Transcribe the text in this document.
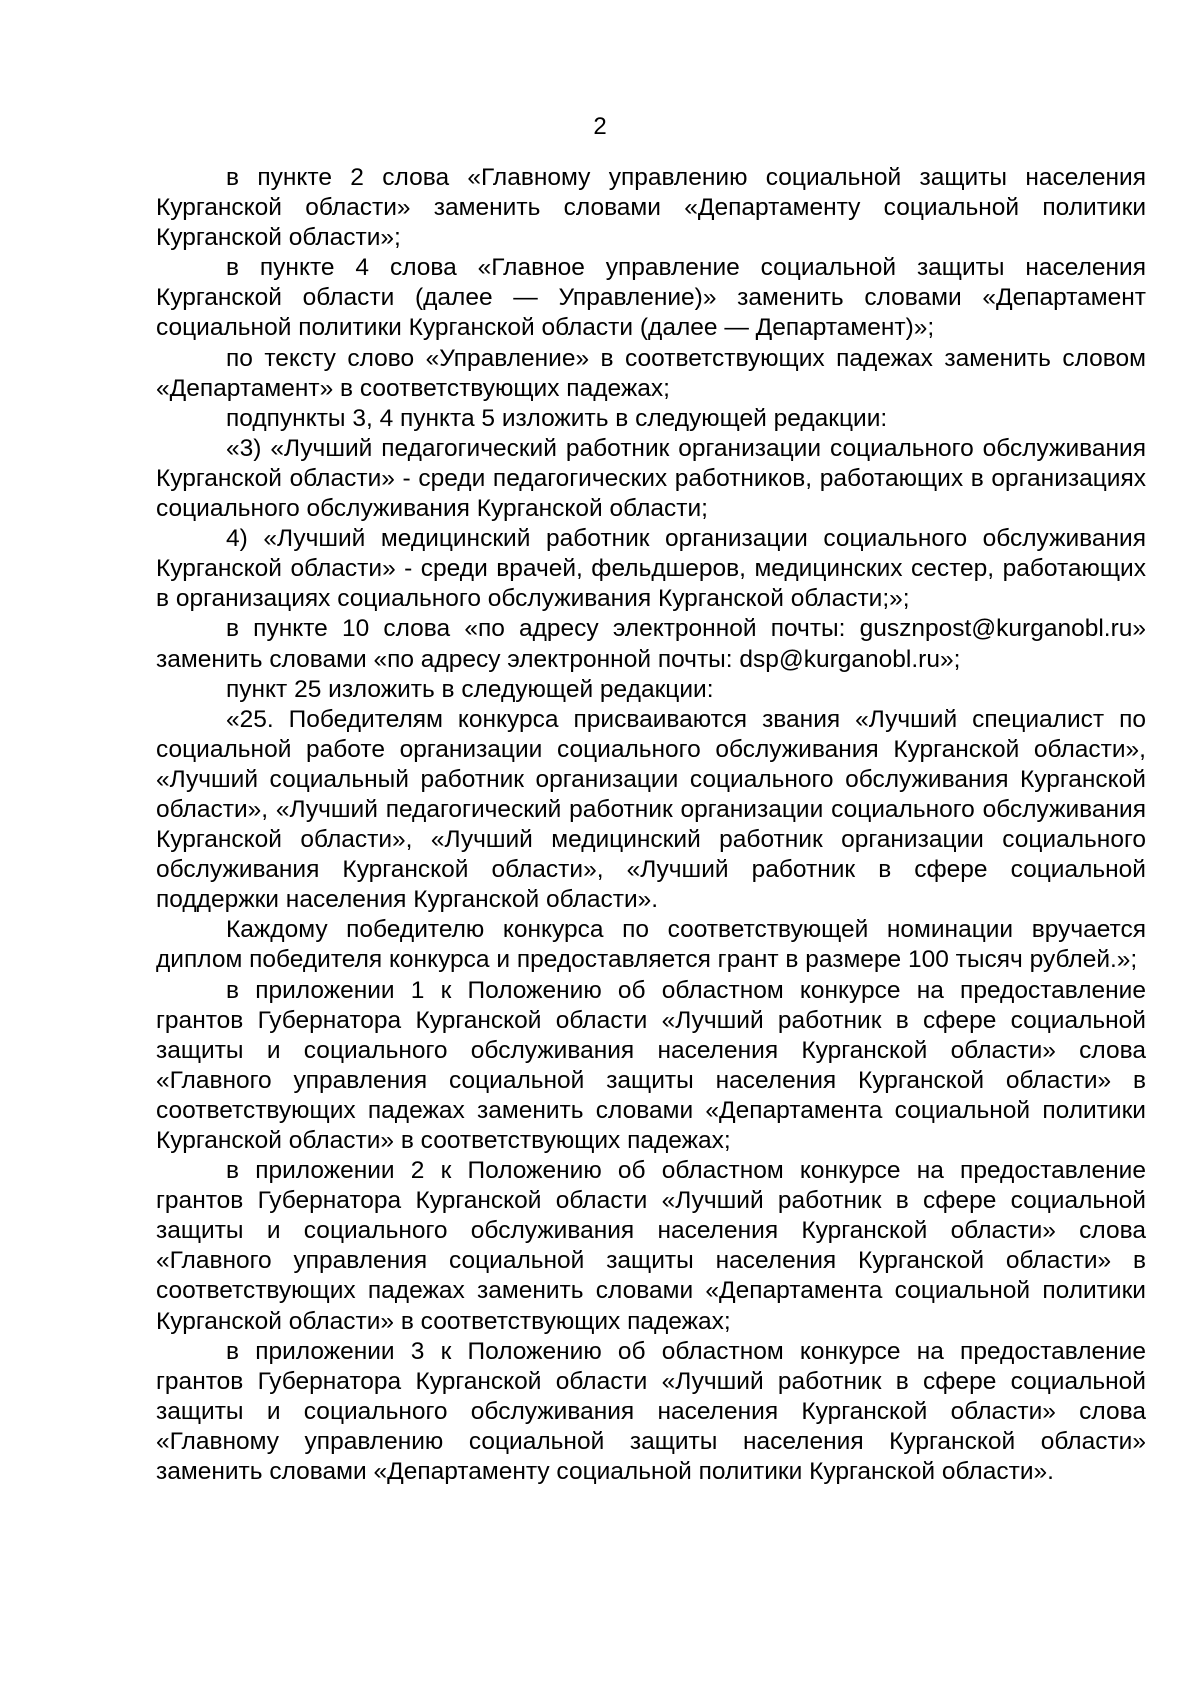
2

в пункте 2 слова «Главному управлению социальной защиты населения Курганской области» заменить словами «Департаменту социальной политики Курганской области»;

в пункте 4 слова «Главное управление социальной защиты населения Курганской области (далее — Управление)» заменить словами «Департамент социальной политики Курганской области (далее — Департамент)»;

по тексту слово «Управление» в соответствующих падежах заменить словом «Департамент» в соответствующих падежах;

подпункты 3, 4 пункта 5 изложить в следующей редакции:

«3) «Лучший педагогический работник организации социального обслуживания Курганской области» - среди педагогических работников, работающих в организациях социального обслуживания Курганской области;

4) «Лучший медицинский работник организации социального обслуживания Курганской области» - среди врачей, фельдшеров, медицинских сестер, работающих в организациях социального обслуживания Курганской области;»;

в пункте 10 слова «по адресу электронной почты: gusznpost@kurganobl.ru» заменить словами «по адресу электронной почты: dsp@kurganobl.ru»;

пункт 25 изложить в следующей редакции:

«25. Победителям конкурса присваиваются звания «Лучший специалист по социальной работе организации социального обслуживания Курганской области», «Лучший социальный работник организации социального обслуживания Курганской области», «Лучший педагогический работник организации социального обслуживания Курганской области», «Лучший медицинский работник организации социального обслуживания Курганской области», «Лучший работник в сфере социальной поддержки населения Курганской области».

Каждому победителю конкурса по соответствующей номинации вручается диплом победителя конкурса и предоставляется грант в размере 100 тысяч рублей.»;

в приложении 1 к Положению об областном конкурсе на предоставление грантов Губернатора Курганской области «Лучший работник в сфере социальной защиты и социального обслуживания населения Курганской области» слова «Главного управления социальной защиты населения Курганской области» в соответствующих падежах заменить словами «Департамента социальной политики Курганской области» в соответствующих падежах;

в приложении 2 к Положению об областном конкурсе на предоставление грантов Губернатора Курганской области «Лучший работник в сфере социальной защиты и социального обслуживания населения Курганской области» слова «Главного управления социальной защиты населения Курганской области» в соответствующих падежах заменить словами «Департамента социальной политики Курганской области» в соответствующих падежах;

в приложении 3 к Положению об областном конкурсе на предоставление грантов Губернатора Курганской области «Лучший работник в сфере социальной защиты и социального обслуживания населения Курганской области» слова «Главному управлению социальной защиты населения Курганской области» заменить словами «Департаменту социальной политики Курганской области».
